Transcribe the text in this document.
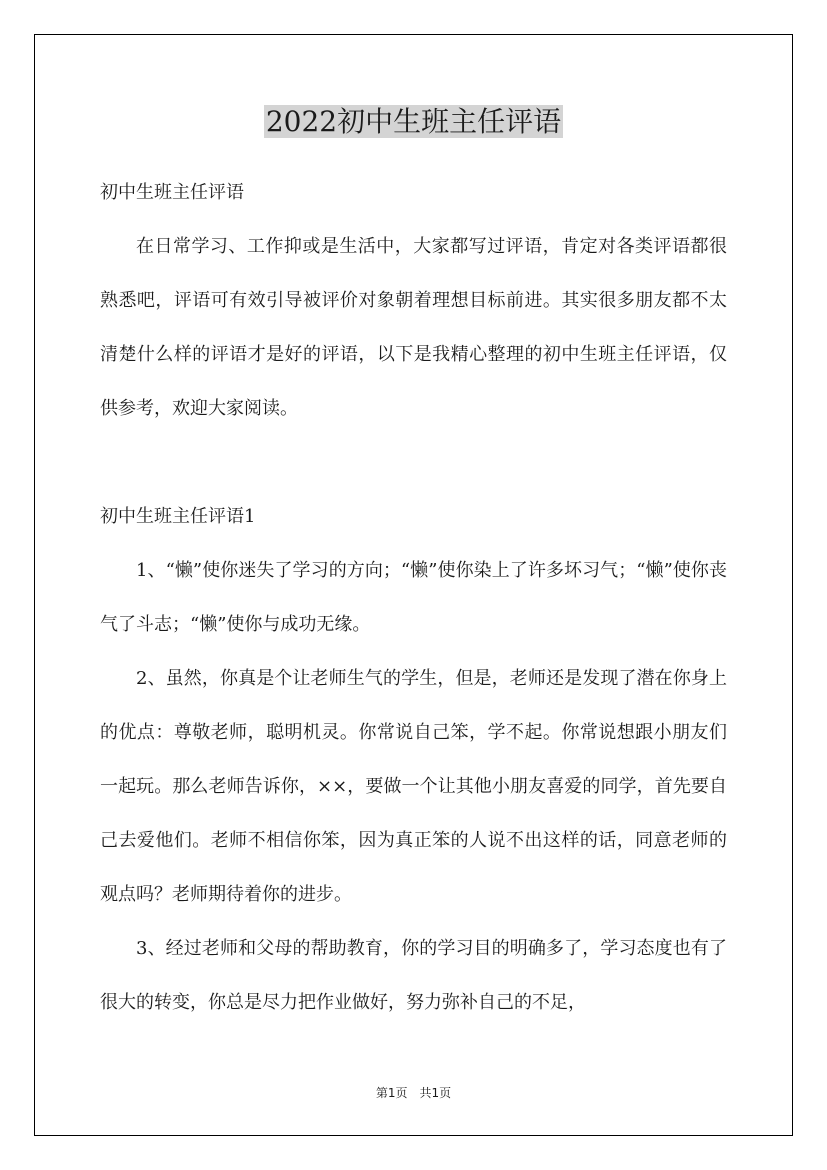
2022初中生班主任评语

初中生班主任评语

在日常学习、工作抑或是生活中，大家都写过评语，肯定对各类评语都很熟悉吧，评语可有效引导被评价对象朝着理想目标前进。其实很多朋友都不太清楚什么样的评语才是好的评语，以下是我精心整理的初中生班主任评语，仅供参考，欢迎大家阅读。

初中生班主任评语1

1、“懒”使你迷失了学习的方向；“懒”使你染上了许多坏习气；“懒”使你丧气了斗志；“懒”使你与成功无缘。

2、虽然，你真是个让老师生气的学生，但是，老师还是发现了潜在你身上的优点：尊敬老师，聪明机灵。你常说自己笨，学不起。你常说想跟小朋友们一起玩。那么老师告诉你，××，要做一个让其他小朋友喜爱的同学，首先要自己去爱他们。老师不相信你笨，因为真正笨的人说不出这样的话，同意老师的观点吗？老师期待着你的进步。

3、经过老师和父母的帮助教育，你的学习目的明确多了，学习态度也有了很大的转变，你总是尽力把作业做好，努力弥补自己的不足，

第1页　共1页
